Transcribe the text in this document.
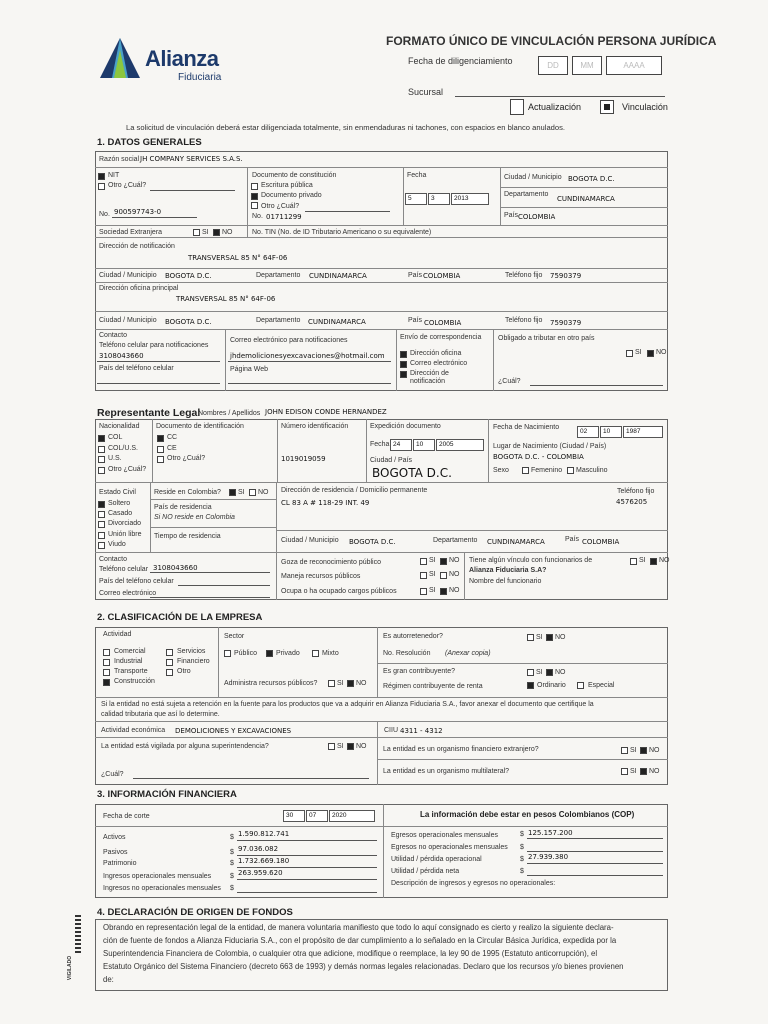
Alianza
Fiduciaria
FORMATO ÚNICO DE VINCULACIÓN PERSONA JURÍDICA
Fecha de diligenciamiento	DD	MM	AAAA
Sucursal
Actualización	Vinculación
La solicitud de vinculación deberá estar diligenciada totalmente, sin enmendaduras ni tachones, con espacios en blanco anulados.
1. DATOS GENERALES
Razón social JH COMPANY SERVICES S.A.S.
NIT
Otro ¿Cuál?
No. 900597743-0
Documento de constitución
Escritura pública
Documento privado
Otro ¿Cuál?
No. 01711299
Fecha
5	3	2013
Ciudad / Municipio BOGOTA D.C.
Departamento
CUNDINAMARCA
País COLOMBIA
Sociedad Extranjera	SI NO	No. TIN (No. de ID Tributario Americano o su equivalente)
Dirección de notificación
TRANSVERSAL 85 N° 64F-06
Ciudad / Municipio BOGOTA D.C.	Departamento CUNDINAMARCA	País COLOMBIA	Teléfono fijo 7590379
Dirección oficina principal
TRANSVERSAL 85 N° 64F-06
Ciudad / Municipio BOGOTA D.C.	Departamento CUNDINAMARCA	País COLOMBIA	Teléfono fijo 7590379
Contacto
Teléfono celular para notificaciones
3108043660
País del teléfono celular
Correo electrónico para notificaciones
jhdemolicionesyexcavaciones@hotmail.com
Página Web
Envío de correspondencia
Dirección oficina
Correo electrónico
Dirección de notificación
Obligado a tributar en otro país
SI NO
¿Cuál?
Representante Legal
Nombres / Apellidos JOHN EDISON CONDE HERNANDEZ
Nacionalidad
COL
COL/U.S.
U.S.
Otro ¿Cuál?
Documento de identificación
CC
CE
Otro ¿Cuál?
Número identificación
1019019059
Expedición documento
Fecha 24	10	2005
Ciudad / País
BOGOTA D.C.
Fecha de Nacimiento
02	10	1987
Lugar de Nacimiento (Ciudad / País)
BOGOTA D.C. - COLOMBIA
Sexo	Femenino Masculino
Estado Civil
Soltero
Casado
Divorciado
Unión libre
Viudo
Reside en Colombia? SI NO
País de residencia
Si NO reside en Colombia
Tiempo de residencia
Dirección de residencia / Domicilio permanente
CL 83 A # 118-29 INT. 49
Teléfono fijo
4576205
Ciudad / Municipio BOGOTA D.C.	Departamento CUNDINAMARCA	País COLOMBIA
Contacto
Teléfono celular 3108043660
País del teléfono celular
Correo electrónico
Goza de reconocimiento público	SI NO
Maneja recursos públicos	SI NO
Ocupa o ha ocupado cargos públicos	SI NO
Tiene algún vínculo con funcionarios de
Alianza Fiduciaria S.A?
Nombre del funcionario
SI NO
2. CLASIFICACIÓN DE LA EMPRESA
Actividad
Comercial
Industrial
Transporte
Construcción
Servicios
Financiero
Otro
Sector
Público	Privado	Mixto
Administra recursos públicos?	SI NO
Es autorretenedor?	SI NO
No. Resolución (Anexar copia)
Es gran contribuyente?	SI NO
Régimen contribuyente de renta	Ordinario	Especial
Si la entidad no está sujeta a retención en la fuente para los productos que va a adquirir en Alianza Fiduciaria S.A., favor anexar el documento que certifique la
calidad tributaria que así lo determine.
Actividad económica DEMOLICIONES Y EXCAVACIONES	CIIU 4311 - 4312
La entidad está vigilada por alguna superintendencia?	SI NO La entidad es un organismo financiero extranjero?	SI NO
¿Cuál?	La entidad es un organismo multilateral?	SI NO
3. INFORMACIÓN FINANCIERA
Fecha de corte	30	07	2020	La información debe estar en pesos Colombianos (COP)
Activos	$ 1.590.812.741
Pasivos	$ 97.036.082
Patrimonio	$ 1.732.669.180
Ingresos operacionales mensuales	$ 263.959.620
Ingresos no operacionales mensuales $
Egresos operacionales mensuales	$ 125.157.200
Egresos no operacionales mensuales $
Utilidad / pérdida operacional	$ 27.939.380
Utilidad / pérdida neta	$
Descripción de ingresos y egresos no operacionales:
4. DECLARACIÓN DE ORIGEN DE FONDOS
Obrando en representación legal de la entidad, de manera voluntaria manifiesto que todo lo aquí consignado es cierto y realizo la siguiente declara-
ción de fuente de fondos a Alianza Fiduciaria S.A., con el propósito de dar cumplimiento a lo señalado en la Circular Básica Jurídica, expedida por la
Superintendencia Financiera de Colombia, o cualquier otra que adicione, modifique o reemplace, la ley 90 de 1995 (Estatuto anticorrupción), el
Estatuto Orgánico del Sistema Financiero (decreto 663 de 1993) y demás normas legales relacionadas. Declaro que los recursos y/o bienes provienen
de:
VIGILADO
